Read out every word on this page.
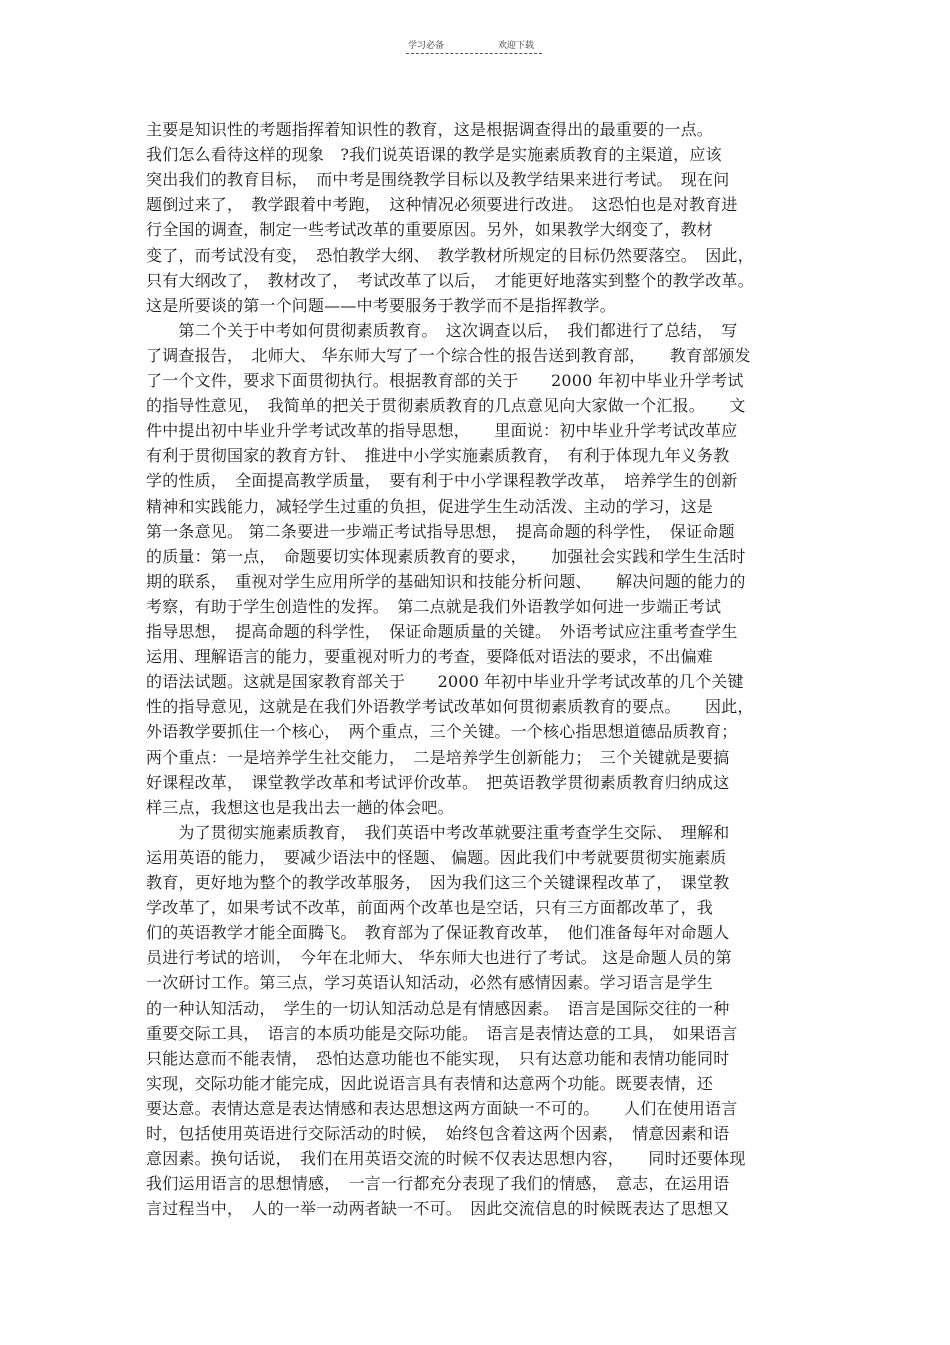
学习必备	欢迎下载
主要是知识性的考题指挥着知识性的教育，这是根据调查得出的最重要的一点。
我们怎么看待这样的现象　?我们说英语课的教学是实施素质教育的主渠道，应该
突出我们的教育目标，　而中考是围绕教学目标以及教学结果来进行考试。　现在问
题倒过来了，　教学跟着中考跑，　这种情况必须要进行改进。　这恐怕也是对教育进
行全国的调查，制定一些考试改革的重要原因。另外，如果教学大纲变了，教材
变了，而考试没有变，　恐怕教学大纲、　教学教材所规定的目标仍然要落空。　因此，
只有大纲改了，　教材改了，　考试改革了以后，　才能更好地落实到整个的教学改革。
这是所要谈的第一个问题——中考要服务于教学而不是指挥教学。
　　第二个关于中考如何贯彻素质教育。　这次调查以后，　我们都进行了总结，　写
了调查报告，　北师大、 华东师大写了一个综合性的报告送到教育部，　　教育部颁发
了一个文件，要求下面贯彻执行。根据教育部的关于　　2000 年初中毕业升学考试
的指导性意见，　我简单的把关于贯彻素质教育的几点意见向大家做一个汇报。　　文
件中提出初中毕业升学考试改革的指导思想，　　里面说：初中毕业升学考试改革应
有利于贯彻国家的教育方针、　推进中小学实施素质教育，　有利于体现九年义务教
学的性质，　全面提高教学质量，　要有利于中小学课程教学改革，　培养学生的创新
精神和实践能力，减轻学生过重的负担，促进学生生动活泼、主动的学习，这是
第一条意见。 第二条要进一步端正考试指导思想，　提高命题的科学性，　保证命题
的质量：第一点，　命题要切实体现素质教育的要求，　　加强社会实践和学生生活时
期的联系，　重视对学生应用所学的基础知识和技能分析问题、　　解决问题的能力的
考察，有助于学生创造性的发挥。　第二点就是我们外语教学如何进一步端正考试
指导思想，　提高命题的科学性，　保证命题质量的关键。　外语考试应注重考查学生
运用、理解语言的能力，要重视对听力的考查，要降低对语法的要求，不出偏难
的语法试题。这就是国家教育部关于　　2000 年初中毕业升学考试改革的几个关键
性的指导意见，这就是在我们外语教学考试改革如何贯彻素质教育的要点。　　因此，
外语教学要抓住一个核心，　两个重点，三个关键。一个核心指思想道德品质教育；
两个重点：一是培养学生社交能力，　二是培养学生创新能力；　三个关键就是要搞
好课程改革，　课堂教学改革和考试评价改革。　把英语教学贯彻素质教育归纳成这
样三点，我想这也是我出去一趟的体会吧。
　　为了贯彻实施素质教育，　我们英语中考改革就要注重考查学生交际、　理解和
运用英语的能力，　要减少语法中的怪题、 偏题。因此我们中考就要贯彻实施素质
教育，更好地为整个的教学改革服务，　因为我们这三个关键课程改革了，　课堂教
学改革了，如果考试不改革，前面两个改革也是空话，只有三方面都改革了，我
们的英语教学才能全面腾飞。　教育部为了保证教育改革，　他们准备每年对命题人
员进行考试的培训，　今年在北师大、 华东师大也进行了考试。 这是命题人员的第
一次研讨工作。第三点，学习英语认知活动，必然有感情因素。学习语言是学生
的一种认知活动，　学生的一切认知活动总是有情感因素。　语言是国际交往的一种
重要交际工具，　语言的本质功能是交际功能。　语言是表情达意的工具，　如果语言
只能达意而不能表情，　恐怕达意功能也不能实现，　只有达意功能和表情功能同时
实现，交际功能才能完成，因此说语言具有表情和达意两个功能。既要表情，还
要达意。表情达意是表达情感和表达思想这两方面缺一不可的。　　人们在使用语言
时，包括使用英语进行交际活动的时候，　始终包含着这两个因素，　情意因素和语
意因素。换句话说，　我们在用英语交流的时候不仅表达思想内容，　　同时还要体现
我们运用语言的思想情感，　一言一行都充分表现了我们的情感，　意志，在运用语
言过程当中，　人的一举一动两者缺一不可。　因此交流信息的时候既表达了思想又
